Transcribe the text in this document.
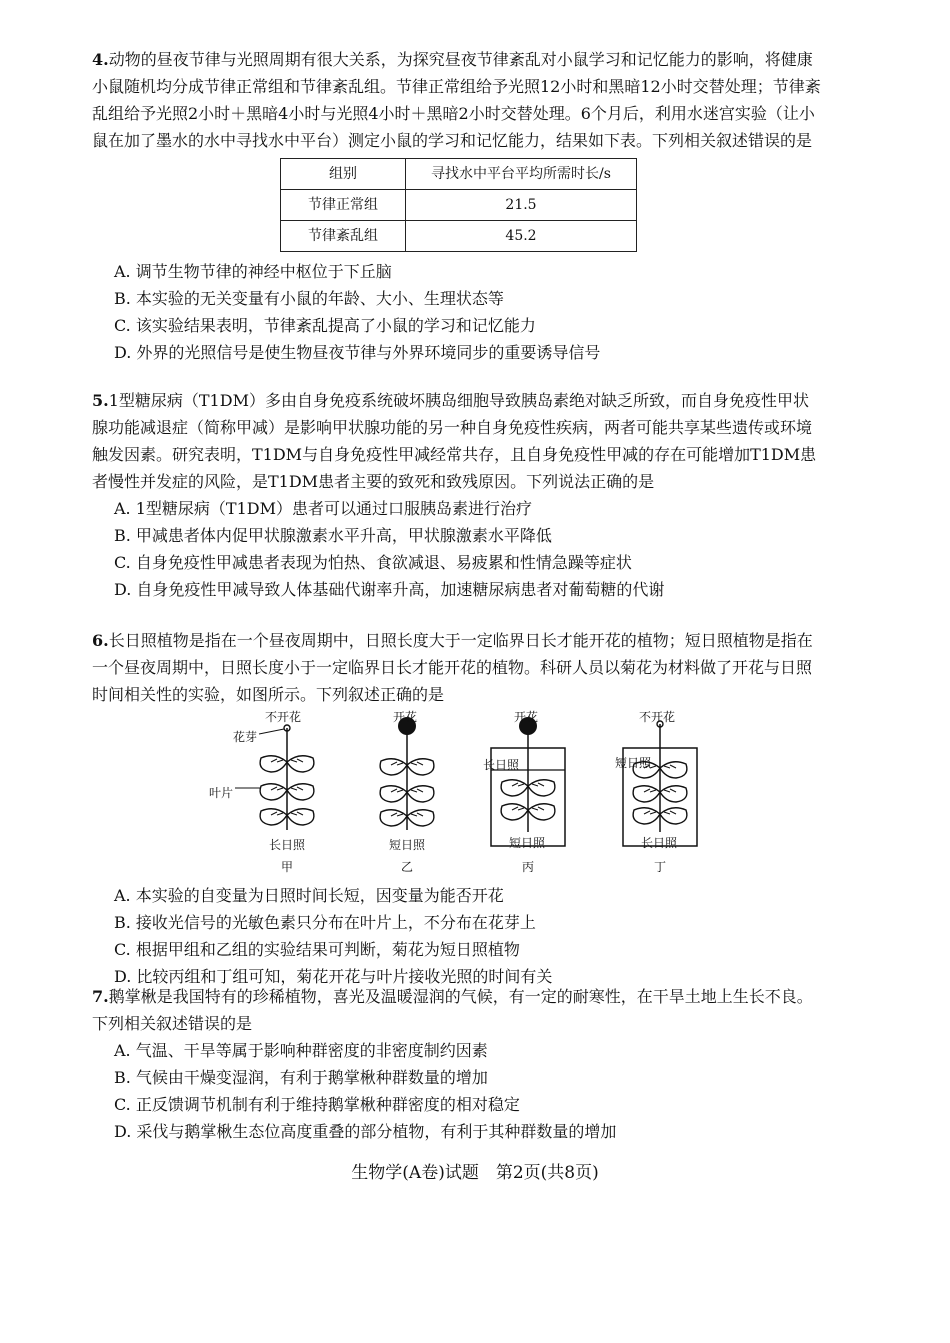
4.动物的昼夜节律与光照周期有很大关系，为探究昼夜节律紊乱对小鼠学习和记忆能力的影响，将健康小鼠随机均分成节律正常组和节律紊乱组。节律正常组给予光照12小时和黑暗12小时交替处理；节律紊乱组给予光照2小时＋黑暗4小时与光照4小时＋黑暗2小时交替处理。6个月后，利用水迷宫实验（让小鼠在加了墨水的水中寻找水中平台）测定小鼠的学习和记忆能力，结果如下表。下列相关叙述错误的是
组别	寻找水中平台平均所需时长/s
节律正常组	21.5
节律紊乱组	45.2
A. 调节生物节律的神经中枢位于下丘脑
B. 本实验的无关变量有小鼠的年龄、大小、生理状态等
C. 该实验结果表明，节律紊乱提高了小鼠的学习和记忆能力
D. 外界的光照信号是使生物昼夜节律与外界环境同步的重要诱导信号
5.1型糖尿病（T1DM）多由自身免疫系统破坏胰岛细胞导致胰岛素绝对缺乏所致，而自身免疫性甲状腺功能减退症（简称甲减）是影响甲状腺功能的另一种自身免疫性疾病，两者可能共享某些遗传或环境触发因素。研究表明，T1DM与自身免疫性甲减经常共存，且自身免疫性甲减的存在可能增加T1DM患者慢性并发症的风险，是T1DM患者主要的致死和致残原因。下列说法正确的是
A. 1型糖尿病（T1DM）患者可以通过口服胰岛素进行治疗
B. 甲减患者体内促甲状腺激素水平升高，甲状腺激素水平降低
C. 自身免疫性甲减患者表现为怕热、食欲减退、易疲累和性情急躁等症状
D. 自身免疫性甲减导致人体基础代谢率升高，加速糖尿病患者对葡萄糖的代谢
6.长日照植物是指在一个昼夜周期中，日照长度大于一定临界日长才能开花的植物；短日照植物是指在一个昼夜周期中，日照长度小于一定临界日长才能开花的植物。科研人员以菊花为材料做了开花与日照时间相关性的实验，如图所示。下列叙述正确的是
不开花
花芽
叶片
长日照
甲
开花
短日照
乙
开花
长日照
短日照
丙
不开花
短日照
长日照
丁
A. 本实验的自变量为日照时间长短，因变量为能否开花
B. 接收光信号的光敏色素只分布在叶片上，不分布在花芽上
C. 根据甲组和乙组的实验结果可判断，菊花为短日照植物
D. 比较丙组和丁组可知，菊花开花与叶片接收光照的时间有关
7.鹅掌楸是我国特有的珍稀植物，喜光及温暖湿润的气候，有一定的耐寒性，在干旱土地上生长不良。下列相关叙述错误的是
A. 气温、干旱等属于影响种群密度的非密度制约因素
B. 气候由干燥变湿润，有利于鹅掌楸种群数量的增加
C. 正反馈调节机制有利于维持鹅掌楸种群密度的相对稳定
D. 采伐与鹅掌楸生态位高度重叠的部分植物，有利于其种群数量的增加
生物学(A卷)试题　第2页(共8页)
